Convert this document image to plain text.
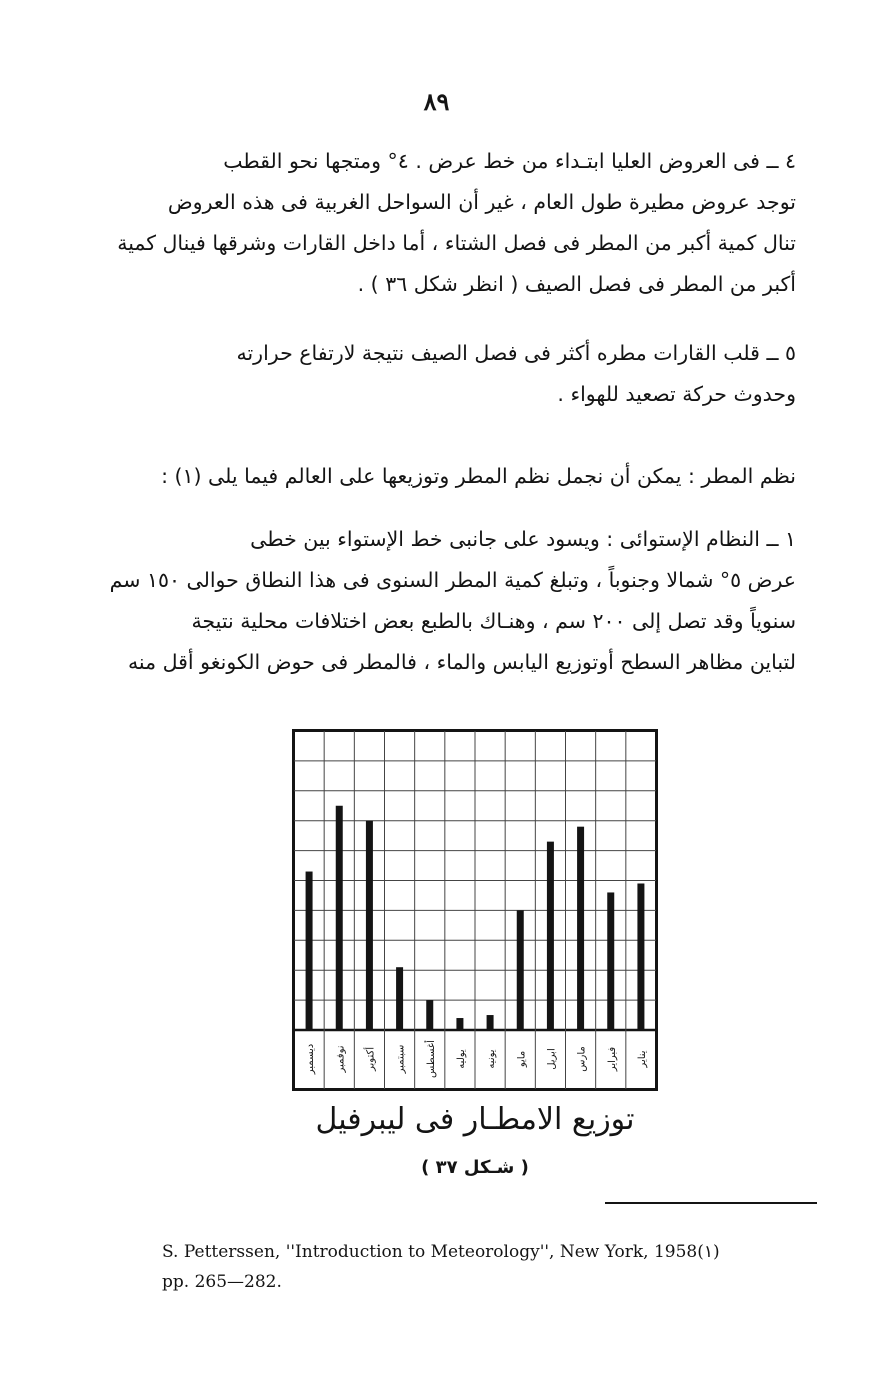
٨٩
٤ ــ فى العروض العليا ابتـداء من خط عرض . ٤° ومتجها نحو القطب
توجد عروض مطيرة طول العام ، غير أن السواحل الغربية فى هذه العروض
تنال كمية أكبر من المطر فى فصل الشتاء ، أما داخل القارات وشرقها فينال كمية
أكبر من المطر فى فصل الصيف ( انظر شكل ٣٦ ) .
٥ ــ قلب القارات مطره أكثر فى فصل الصيف نتيجة لارتفاع حرارته
وحدوث حركة تصعيد للهواء .
نظم المطر : يمكن أن نجمل نظم المطر وتوزيعها على العالم فيما يلى (١) :
١ ــ النظام الإستوائى : ويسود على جانبى خط الإستواء بين خطى
عرض ٥° شمالا وجنوباً ، وتبلغ كمية المطر السنوى فى هذا النطاق حوالى ١٥٠ سم
سنوياً وقد تصل إلى ٢٠٠ سم ، وهنـاك بالطبع بعض اختلافات محلية نتيجة
لتباين مظاهر السطح أوتوزيع اليابس والماء ، فالمطر فى حوض الكونغو أقل منه
يناير
فبراير
مارس
ابريل
مايو
يونيه
يوليه
أغسطس
سبتمبر
أكتوبر
نوفمبر
ديسمبر
توزيع الامطـار فى ليبرفيل
( شـكل ٣٧ )
S. Petterssen, ''Introduction to Meteorology'', New York, 1958(١)
pp. 265—282.
